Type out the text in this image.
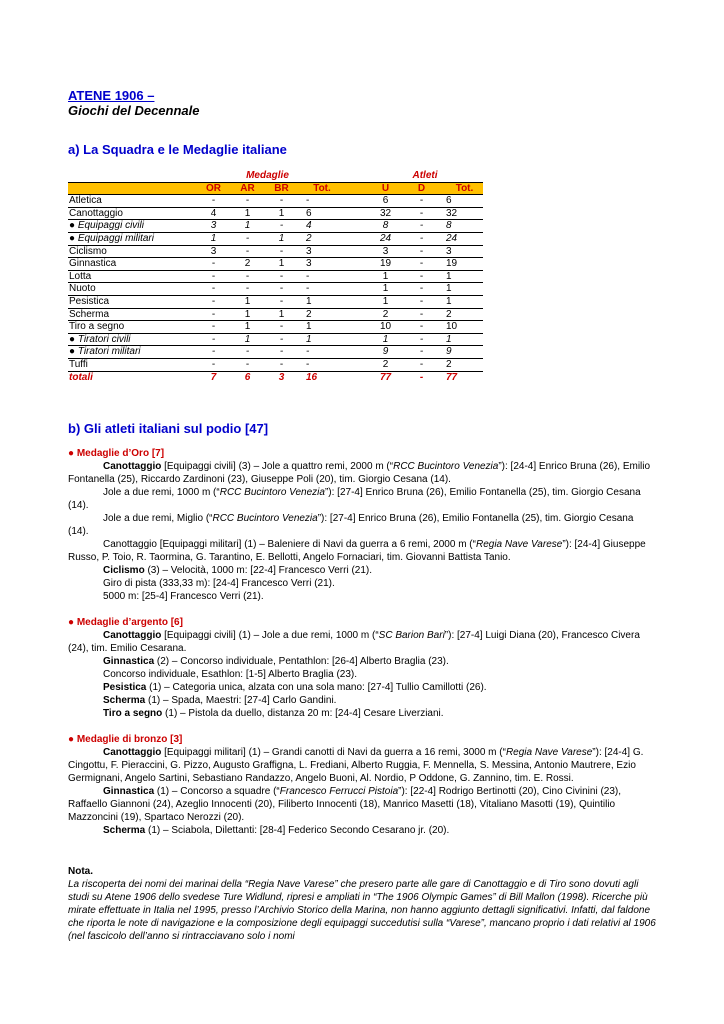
ATENE 1906 –

Giochi del Decennale

a) La Squadra e le Medaglie italiane

	Medaglie					Atleti		
	OR	AR	BR	Tot.		U	D	Tot.
Atletica	-	-	-	-		6	-	6
Canottaggio	4	1	1	6		32	-	32
● Equipaggi civili	3	1	-	4		8	-	8
● Equipaggi militari	1	-	1	2		24	-	24
Ciclismo	3	-	-	3		3	-	3
Ginnastica	-	2	1	3		19	-	19
Lotta	-	-	-	-		1	-	1
Nuoto	-	-	-	-		1	-	1
Pesistica	-	1	-	1		1	-	1
Scherma	-	1	1	2		2	-	2
Tiro a segno	-	1	-	1		10	-	10
● Tiratori civili	-	1	-	1		1	-	1
● Tiratori militari	-	-	-	-		9	-	9
Tuffi	-	-	-	-		2	-	2
totali	7	6	3	16		77	-	77

b) Gli atleti italiani sul podio [47]

● Medaglie d’Oro [7]

Canottaggio [Equipaggi civili] (3) – Jole a quattro remi, 2000 m (“RCC Bucintoro Venezia”): [24-4] Enrico Bruna (26), Emilio Fontanella (25), Riccardo Zardinoni (23), Giuseppe Poli (20), tim. Giorgio Cesana (14).

Jole a due remi, 1000 m (“RCC Bucintoro Venezia”): [27-4] Enrico Bruna (26), Emilio Fontanella (25), tim. Giorgio Cesana (14).

Jole a due remi, Miglio (“RCC Bucintoro Venezia”): [27-4] Enrico Bruna (26), Emilio Fontanella (25), tim. Giorgio Cesana (14).

Canottaggio [Equipaggi militari] (1) – Baleniere di Navi da guerra a 6 remi, 2000 m (“Regia Nave Varese”): [24-4] Giuseppe Russo, P. Toio, R. Taormina, G. Tarantino, E. Bellotti, Angelo Fornaciari, tim. Giovanni Battista Tanio.

Ciclismo (3) – Velocità, 1000 m: [22-4] Francesco Verri (21).

Giro di pista (333,33 m): [24-4] Francesco Verri (21).

5000 m: [25-4] Francesco Verri (21).

● Medaglie d’argento [6]

Canottaggio [Equipaggi civili] (1) – Jole a due remi, 1000 m (“SC Barion Bari”): [27-4] Luigi Diana (20), Francesco Civera (24), tim. Emilio Cesarana.

Ginnastica (2) – Concorso individuale, Pentathlon: [26-4] Alberto Braglia (23).

Concorso individuale, Esathlon: [1-5] Alberto Braglia (23).

Pesistica (1) – Categoria unica, alzata con una sola mano: [27-4] Tullio Camillotti (26).

Scherma (1) – Spada, Maestri: [27-4] Carlo Gandini.

Tiro a segno (1) – Pistola da duello, distanza 20 m: [24-4] Cesare Liverziani.

● Medaglie di bronzo [3]

Canottaggio [Equipaggi militari] (1) – Grandi canotti di Navi da guerra a 16 remi, 3000 m (“Regia Nave Varese”): [24-4] G. Cingottu, F. Pieraccini, G. Pizzo, Augusto Graffigna, L. Frediani, Alberto Ruggia, F. Mennella, S. Messina, Antonio Mautrere, Ezio Germignani, Angelo Sartini, Sebastiano Randazzo, Angelo Buoni, Al. Nordio, P Oddone, G. Zannino, tim. E. Rossi.

Ginnastica (1) – Concorso a squadre (“Francesco Ferrucci Pistoia”): [22-4] Rodrigo Bertinotti (20), Cino Civinini (23), Raffaello Giannoni (24), Azeglio Innocenti (20), Filiberto Innocenti (18), Manrico Masetti (18), Vitaliano Masotti (19), Quintilio Mazzoncini (19), Spartaco Nerozzi (20).

Scherma (1) – Sciabola, Dilettanti: [28-4] Federico Secondo Cesarano jr. (20).

Nota.

La riscoperta dei nomi dei marinai della “Regia Nave Varese” che presero parte alle gare di Canottaggio e di Tiro sono dovuti agli studi su Atene 1906 dello svedese Ture Widlund, ripresi e ampliati in “The 1906 Olympic Games” di Bill Mallon (1998). Ricerche più mirate effettuate in Italia nel 1995, presso l’Archivio Storico della Marina, non hanno aggiunto dettagli significativi. Infatti, dal faldone che riporta le note di navigazione e la composizione degli equipaggi succedutisi sulla “Varese”, mancano proprio i dati relativi al 1906 (nel fascicolo dell’anno si rintracciavano solo i nomi
